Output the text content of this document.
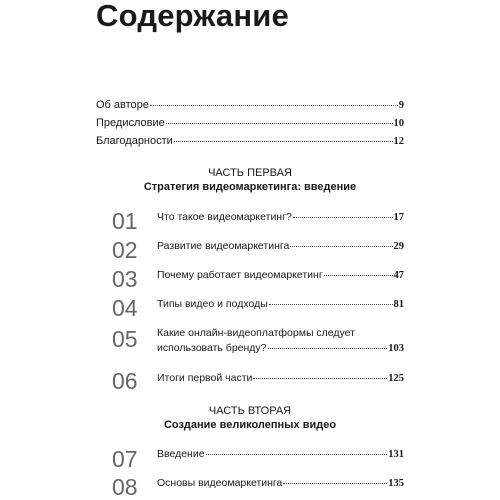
Содержание
Об авторе	9
Предисловие	10
Благодарности	12
ЧАСТЬ ПЕРВАЯ
Стратегия видеомаркетинга: введение
01 Что такое видеомаркетинг?	17
02 Развитие видеомаркетинга	29
03 Почему работает видеомаркетинг	47
04 Типы видео и подходы	81
05 Какие онлайн-видеоплатформы следует
использовать бренду?	103
06 Итоги первой части	125
ЧАСТЬ ВТОРАЯ
Создание великолепных видео
07 Введение	131
08 Основы видеомаркетинга	135
